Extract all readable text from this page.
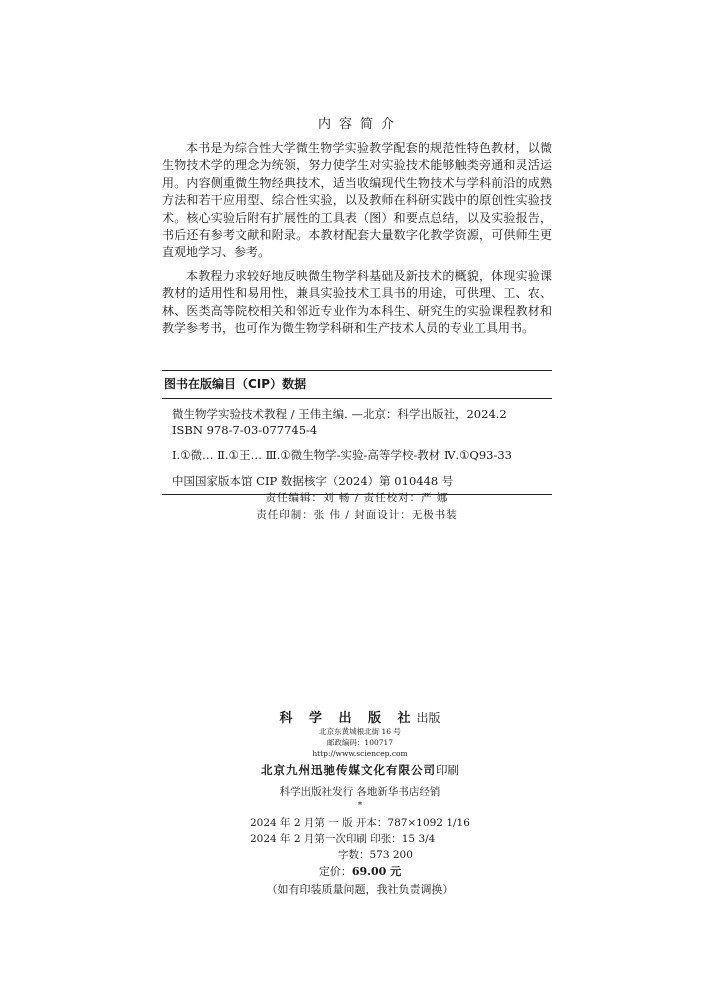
内容简介

本书是为综合性大学微生物学实验教学配套的规范性特色教材，以微生物技术学的理念为统领，努力使学生对实验技术能够触类旁通和灵活运用。内容侧重微生物经典技术，适当收编现代生物技术与学科前沿的成熟方法和若干应用型、综合性实验，以及教师在科研实践中的原创性实验技术。核心实验后附有扩展性的工具表（图）和要点总结，以及实验报告，书后还有参考文献和附录。本教材配套大量数字化教学资源，可供师生更直观地学习、参考。

本教程力求较好地反映微生物学科基础及新技术的概貌，体现实验课教材的适用性和易用性，兼具实验技术工具书的用途，可供理、工、农、林、医类高等院校相关和邻近专业作为本科生、研究生的实验课程教材和教学参考书，也可作为微生物学科研和生产技术人员的专业工具用书。

图书在版编目（CIP）数据
微生物学实验技术教程 / 王伟主编. —北京：科学出版社，2024.2
ISBN 978-7-03-077745-4
Ⅰ.①微… Ⅱ.①王… Ⅲ.①微生物学-实验-高等学校-教材 Ⅳ.①Q93-33
中国国家版本馆 CIP 数据核字（2024）第 010448 号
责任编辑：刘 畅 / 责任校对：严 娜
责任印制：张 伟 / 封面设计：无极书装
科 学 出 版 社出版
北京东黄城根北街 16 号
邮政编码：100717
http://www.sciencep.com
北京九州迅驰传媒文化有限公司印刷
科学出版社发行 各地新华书店经销
*
2024 年 2 月第 一 版 开本：787×1092 1/16
2024 年 2 月第一次印刷 印张：15 3/4
字数：573 200
定价：69.00 元
（如有印装质量问题，我社负责调换）
